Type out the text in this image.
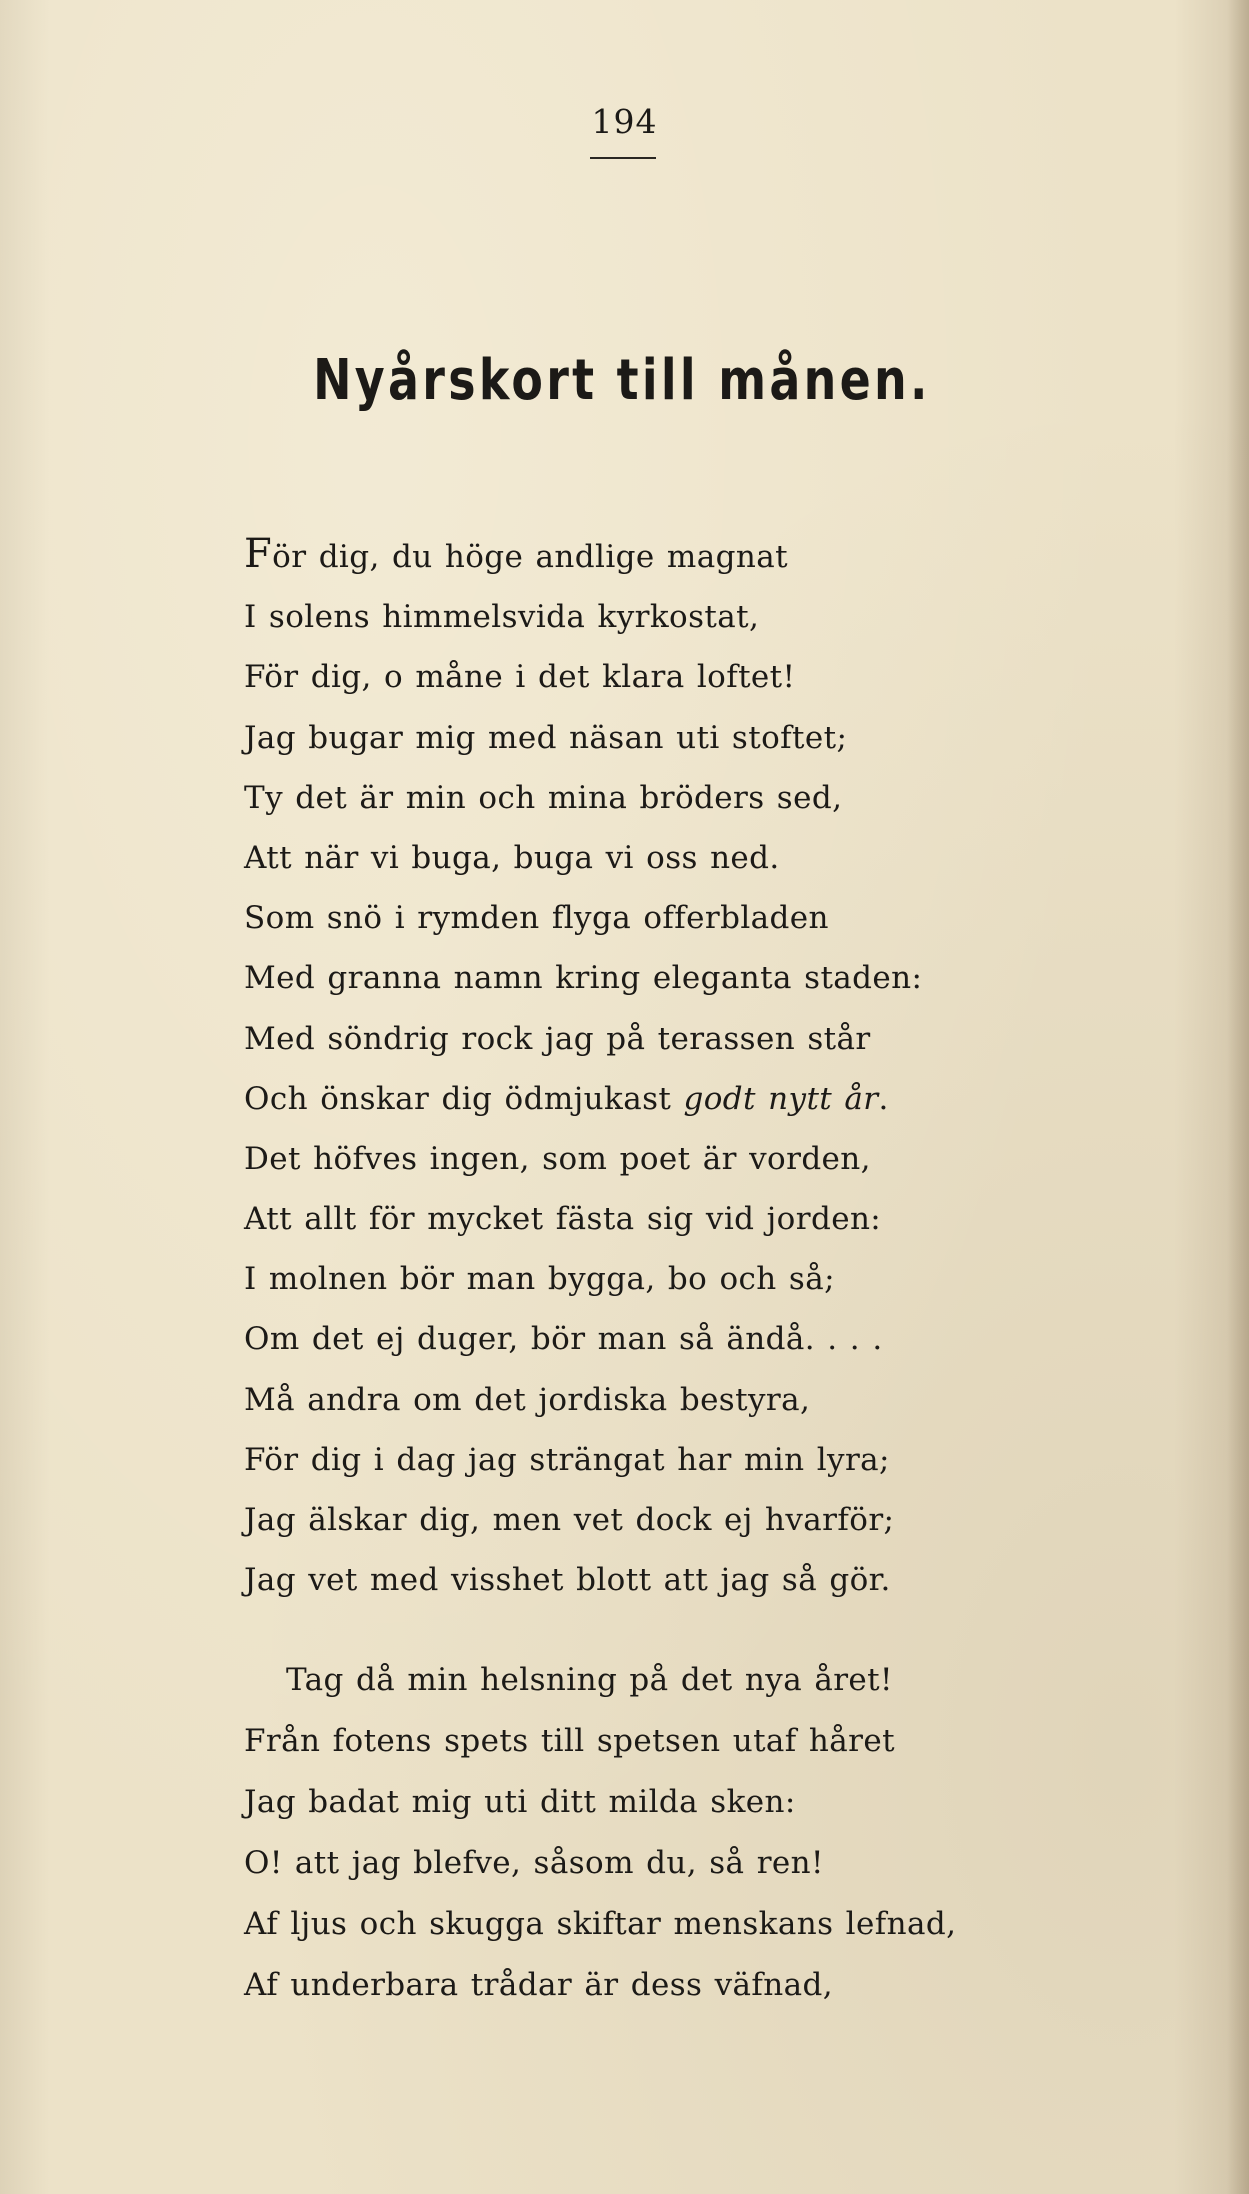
194
Nyårskort till månen.
För dig, du höge andlige magnat
I solens himmelsvida kyrkostat,
För dig, o måne i det klara loftet!
Jag bugar mig med näsan uti stoftet;
Ty det är min och mina bröders sed,
Att när vi buga, buga vi oss ned.
Som snö i rymden flyga offerbladen
Med granna namn kring eleganta staden:
Med söndrig rock jag på terassen står
Och önskar dig ödmjukast godt nytt år.
Det höfves ingen, som poet är vorden,
Att allt för mycket fästa sig vid jorden:
I molnen bör man bygga, bo och så;
Om det ej duger, bör man så ändå. . . .
Må andra om det jordiska bestyra,
För dig i dag jag strängat har min lyra;
Jag älskar dig, men vet dock ej hvarför;
Jag vet med visshet blott att jag så gör.
Tag då min helsning på det nya året!
Från fotens spets till spetsen utaf håret
Jag badat mig uti ditt milda sken:
O! att jag blefve, såsom du, så ren!
Af ljus och skugga skiftar menskans lefnad,
Af underbara trådar är dess väfnad,
